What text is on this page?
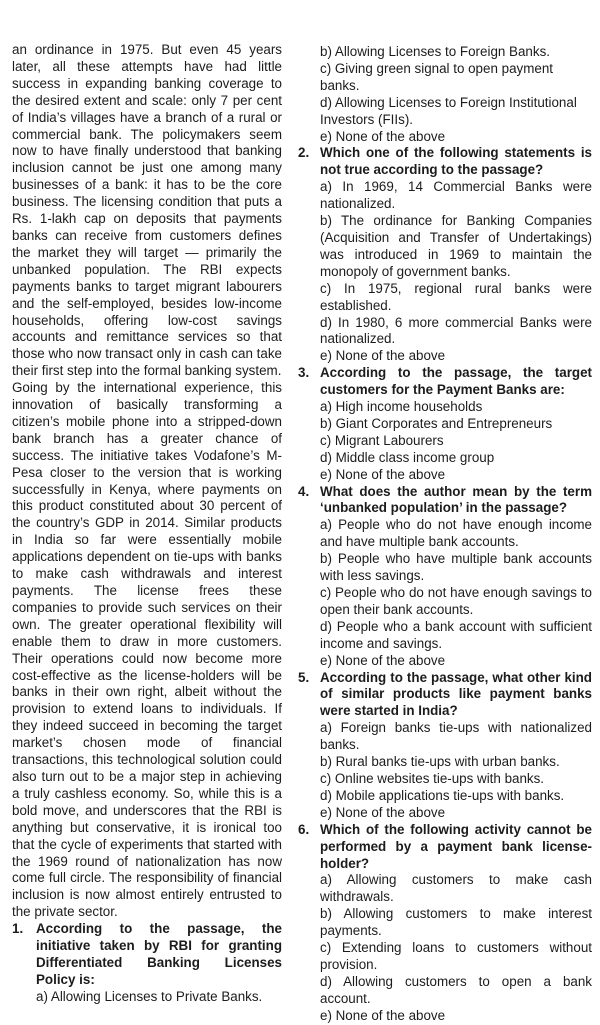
an ordinance in 1975. But even 45 years later, all these attempts have had little success in expanding banking coverage to the desired extent and scale: only 7 per cent of India’s villages have a branch of a rural or commercial bank. The policymakers seem now to have finally understood that banking inclusion cannot be just one among many businesses of a bank: it has to be the core business. The licensing condition that puts a Rs. 1-lakh cap on deposits that payments banks can receive from customers defines the market they will target — primarily the unbanked population. The RBI expects payments banks to target migrant labourers and the self-employed, besides low-income households, offering low-cost savings accounts and remittance services so that those who now transact only in cash can take their first step into the formal banking system.

Going by the international experience, this innovation of basically transforming a citizen’s mobile phone into a stripped-down bank branch has a greater chance of success. The initiative takes Vodafone’s M-Pesa closer to the version that is working successfully in Kenya, where payments on this product constituted about 30 percent of the country’s GDP in 2014. Similar products in India so far were essentially mobile applications dependent on tie-ups with banks to make cash withdrawals and interest payments. The license frees these companies to provide such services on their own. The greater operational flexibility will enable them to draw in more customers. Their operations could now become more cost-effective as the license-holders will be banks in their own right, albeit without the provision to extend loans to individuals. If they indeed succeed in becoming the target market’s chosen mode of financial transactions, this technological solution could also turn out to be a major step in achieving a truly cashless economy. So, while this is a bold move, and underscores that the RBI is anything but conservative, it is ironical too that the cycle of experiments that started with the 1969 round of nationalization has now come full circle. The responsibility of financial inclusion is now almost entirely entrusted to the private sector.

1. According to the passage, the initiative taken by RBI for granting Differentiated Banking Licenses Policy is:
a) Allowing Licenses to Private Banks.
b) Allowing Licenses to Foreign Banks.
c) Giving green signal to open payment banks.
d) Allowing Licenses to Foreign Institutional Investors (FIIs).
e) None of the above
2. Which one of the following statements is not true according to the passage?
a) In 1969, 14 Commercial Banks were nationalized.
b) The ordinance for Banking Companies (Acquisition and Transfer of Undertakings) was introduced in 1969 to maintain the monopoly of government banks.
c) In 1975, regional rural banks were established.
d) In 1980, 6 more commercial Banks were nationalized.
e) None of the above
3. According to the passage, the target customers for the Payment Banks are:
a) High income households
b) Giant Corporates and Entrepreneurs
c) Migrant Labourers
d) Middle class income group
e) None of the above
4. What does the author mean by the term ‘unbanked population’ in the passage?
a) People who do not have enough income and have multiple bank accounts.
b) People who have multiple bank accounts with less savings.
c) People who do not have enough savings to open their bank accounts.
d) People who a bank account with sufficient income and savings.
e) None of the above
5. According to the passage, what other kind of similar products like payment banks were started in India?
a) Foreign banks tie-ups with nationalized banks.
b) Rural banks tie-ups with urban banks.
c) Online websites tie-ups with banks.
d) Mobile applications tie-ups with banks.
e) None of the above
6. Which of the following activity cannot be performed by a payment bank license-holder?
a) Allowing customers to make cash withdrawals.
b) Allowing customers to make interest payments.
c) Extending loans to customers without provision.
d) Allowing customers to open a bank account.
e) None of the above
